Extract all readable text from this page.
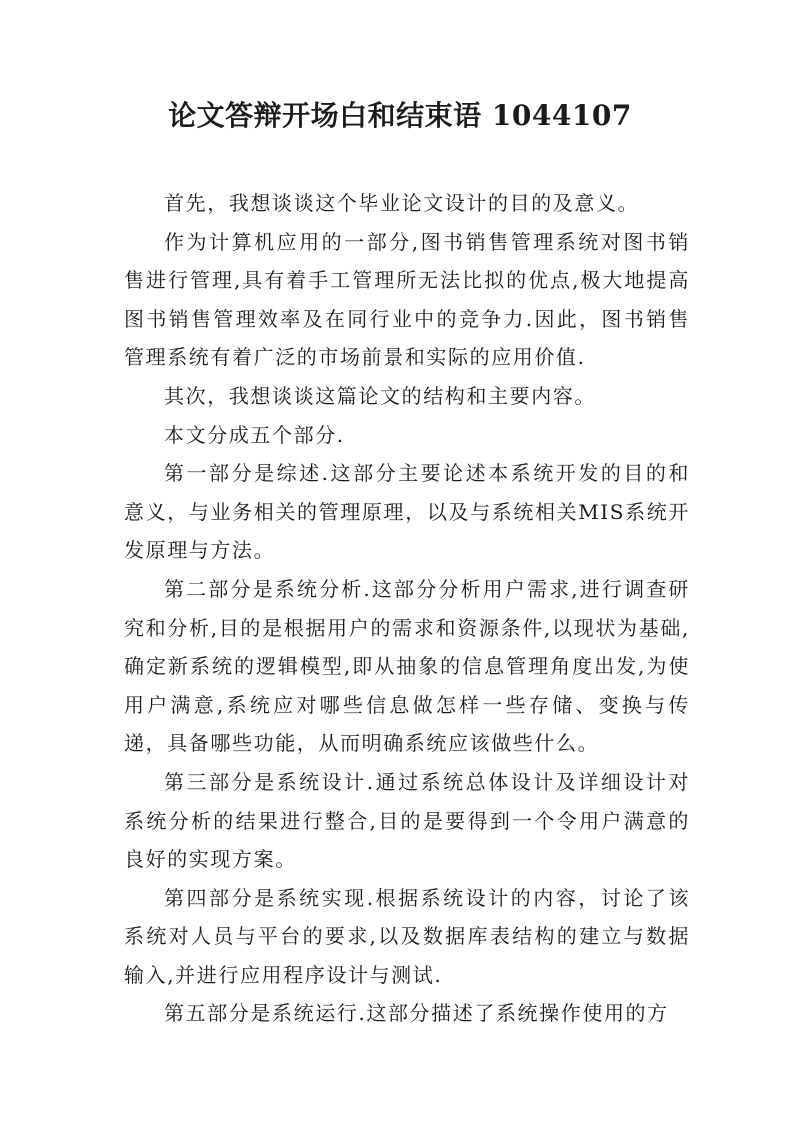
论文答辩开场白和结束语 1044107

首先，我想谈谈这个毕业论文设计的目的及意义。

作为计算机应用的一部分,图书销售管理系统对图书销售进行管理,具有着手工管理所无法比拟的优点,极大地提高图书销售管理效率及在同行业中的竞争力.因此，图书销售管理系统有着广泛的市场前景和实际的应用价值.

其次，我想谈谈这篇论文的结构和主要内容。

本文分成五个部分.

第一部分是综述.这部分主要论述本系统开发的目的和意义，与业务相关的管理原理，以及与系统相关MIS系统开发原理与方法。

第二部分是系统分析.这部分分析用户需求,进行调查研究和分析,目的是根据用户的需求和资源条件,以现状为基础,确定新系统的逻辑模型,即从抽象的信息管理角度出发,为使用户满意,系统应对哪些信息做怎样一些存储、变换与传递，具备哪些功能，从而明确系统应该做些什么。

第三部分是系统设计.通过系统总体设计及详细设计对系统分析的结果进行整合,目的是要得到一个令用户满意的良好的实现方案。

第四部分是系统实现.根据系统设计的内容，讨论了该系统对人员与平台的要求,以及数据库表结构的建立与数据输入,并进行应用程序设计与测试.

第五部分是系统运行.这部分描述了系统操作使用的方
